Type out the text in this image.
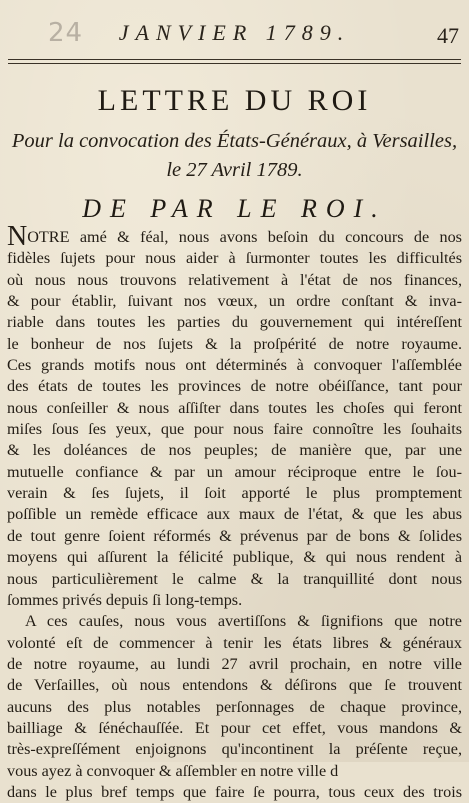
24	JANVIER 1789.	47
LETTRE DU ROI
Pour la convocation des États-Généraux, à Versailles,
le 27 Avril 1789.
DE PAR LE ROI.
NOTRE amé & féal, nous avons beſoin du concours de nos
fidèles ſujets pour nous aider à ſurmonter toutes les difficultés
où nous nous trouvons relativement à l'état de nos finances,
& pour établir, ſuivant nos vœux, un ordre conſtant & inva-
riable dans toutes les parties du gouvernement qui intéreſſent
le bonheur de nos ſujets & la proſpérité de notre royaume.
Ces grands motifs nous ont déterminés à convoquer l'aſſemblée
des états de toutes les provinces de notre obéiſſance, tant pour
nous conſeiller & nous aſſiſter dans toutes les choſes qui feront
miſes ſous ſes yeux, que pour nous faire connoître les ſouhaits
& les doléances de nos peuples; de manière que, par une
mutuelle confiance & par un amour réciproque entre le ſou-
verain & ſes ſujets, il ſoit apporté le plus promptement
poſſible un remède efficace aux maux de l'état, & que les abus
de tout genre ſoient réformés & prévenus par de bons & ſolides
moyens qui aſſurent la félicité publique, & qui nous rendent à
nous particulièrement le calme & la tranquillité dont nous
ſommes privés depuis ſi long-temps.
A ces cauſes, nous vous avertiſſons & ſignifions que notre
volonté eſt de commencer à tenir les états libres & généraux
de notre royaume, au lundi 27 avril prochain, en notre ville
de Verſailles, où nous entendons & déſirons que ſe trouvent
aucuns des plus notables perſonnages de chaque province,
bailliage & ſénéchauſſée. Et pour cet effet, vous mandons &
très-expreſſément enjoignons qu'incontinent la préſente reçue,
vous ayez à convoquer & aſſembler en notre ville d
dans le plus bref temps que faire ſe pourra, tous ceux des trois
